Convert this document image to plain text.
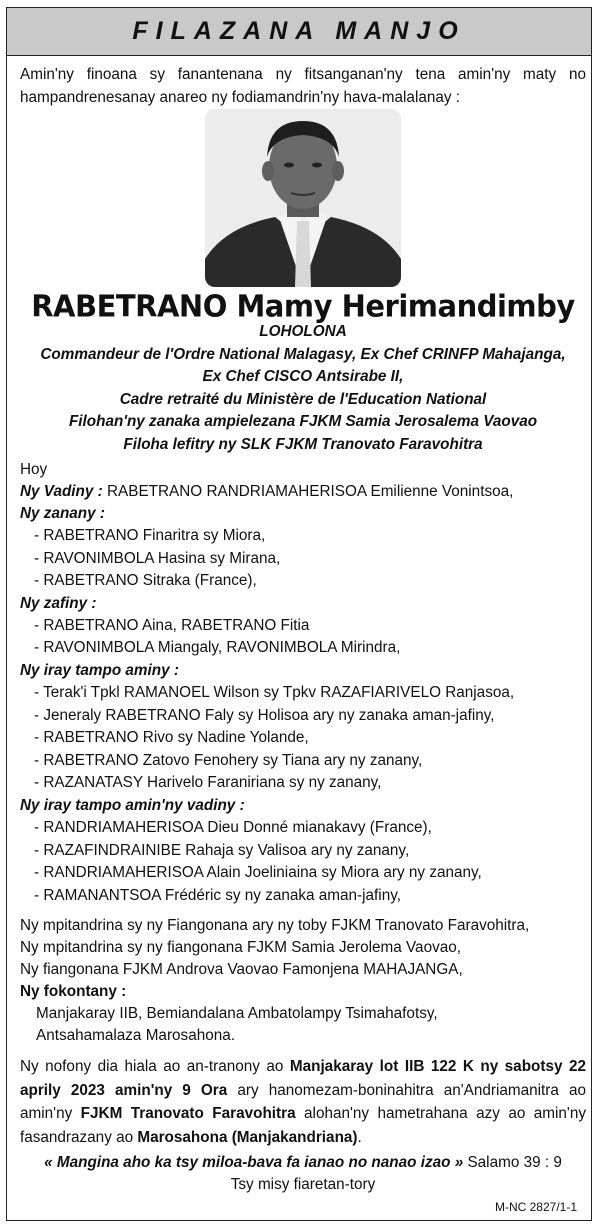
FILAZANA MANJO

Amin'ny finoana sy fanantenana ny fitsanganan'ny tena amin'ny maty no hampandrenesanay anareo ny fodiamandrin'ny hava-malalanay :

RABETRANO Mamy Herimandimby
LOHOLONA
Commandeur de l'Ordre National Malagasy, Ex Chef CRINFP Mahajanga,
Ex Chef CISCO Antsirabe II,
Cadre retraité du Ministère de l'Education National
Filohan'ny zanaka ampielezana FJKM Samia Jerosalema Vaovao
Filoha lefitry ny SLK FJKM Tranovato Faravohitra

Hoy

Ny Vadiny : RABETRANO RANDRIAMAHERISOA Emilienne Vonintsoa,

Ny zanany :

- RABETRANO Finaritra sy Miora,
- RAVONIMBOLA Hasina sy Mirana,
- RABETRANO Sitraka (France),

Ny zafiny :

- RABETRANO Aina, RABETRANO Fitia
- RAVONIMBOLA Miangaly, RAVONIMBOLA Mirindra,

Ny iray tampo aminy :

- Terak'i Tpkl RAMANOEL Wilson sy Tpkv RAZAFIARIVELO Ranjasoa,
- Jeneraly RABETRANO Faly sy Holisoa ary ny zanaka aman-jafiny,
- RABETRANO Rivo sy Nadine Yolande,
- RABETRANO Zatovo Fenohery sy Tiana ary ny zanany,
- RAZANATASY Harivelo Faraniriana sy ny zanany,

Ny iray tampo amin'ny vadiny :

- RANDRIAMAHERISOA Dieu Donné mianakavy (France),
- RAZAFINDRAINIBE Rahaja sy Valisoa ary ny zanany,
- RANDRIAMAHERISOA Alain Joeliniaina sy Miora ary ny zanany,
- RAMANANTSOA Frédéric sy ny zanaka aman-jafiny,

Ny mpitandrina sy ny Fiangonana ary ny toby FJKM Tranovato Faravohitra,

Ny mpitandrina sy ny fiangonana FJKM Samia Jerolema Vaovao,

Ny fiangonana FJKM Androva Vaovao Famonjena MAHAJANGA,

Ny fokontany :

Manjakaray IIB, Bemiandalana Ambatolampy Tsimahafotsy,

Antsahamalaza Marosahona.

Ny nofony dia hiala ao an-tranony ao Manjakaray lot IIB 122 K ny sabotsy 22 aprily 2023 amin'ny 9 Ora ary hanomezam-boninahitra an'Andriamanitra ao amin'ny FJKM Tranovato Faravohitra alohan'ny hametrahana azy ao amin'ny fasandrazany ao Marosahona (Manjakandriana).

« Mangina aho ka tsy miloa-bava fa ianao no nanao izao » Salamo 39 : 9

Tsy misy fiaretan-tory

M-NC 2827/1-1
